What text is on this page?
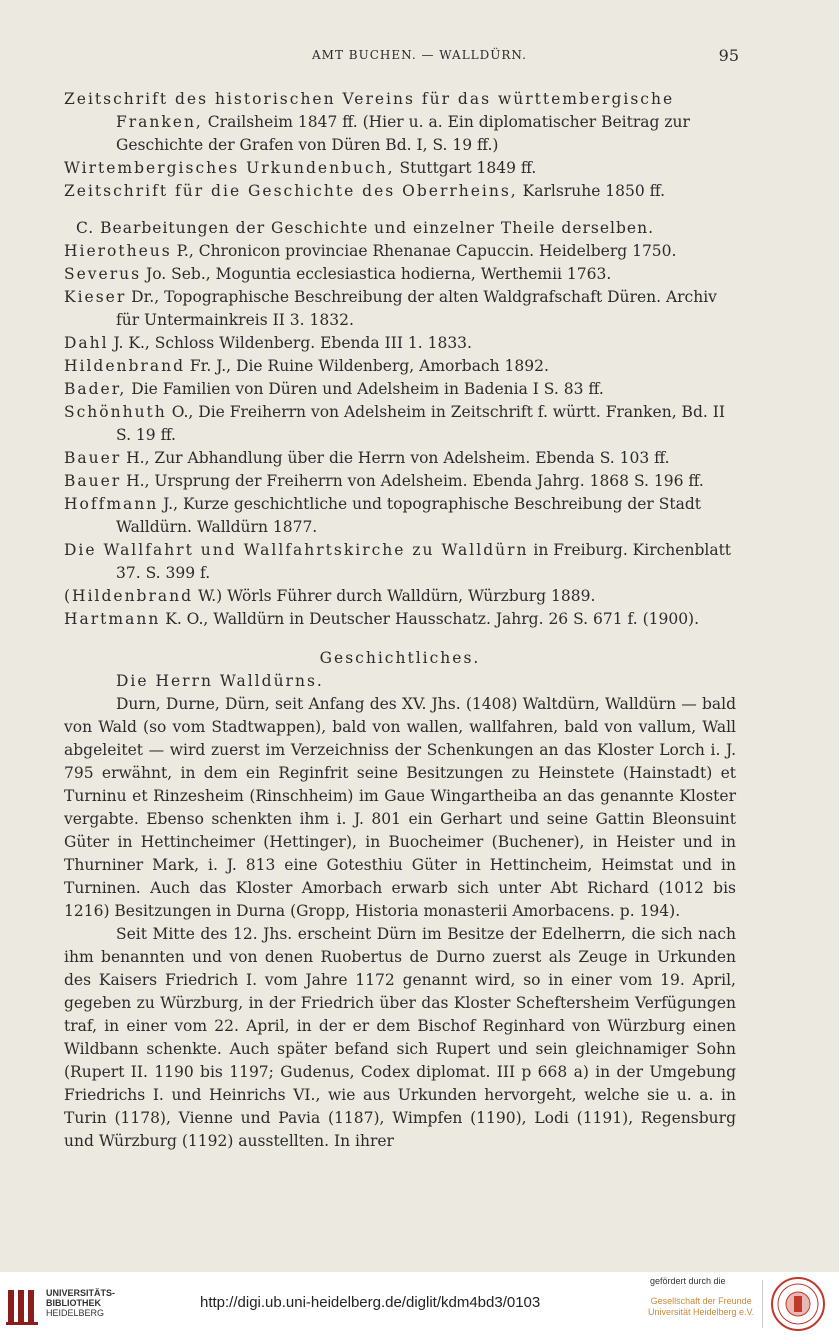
AMT BUCHEN. — WALLDÜRN.	95

Zeitschrift des historischen Vereins für das württembergische Franken, Crailsheim 1847 ff. (Hier u. a. Ein diplomatischer Beitrag zur Geschichte der Grafen von Düren Bd. I, S. 19 ff.)

Wirtembergisches Urkundenbuch, Stuttgart 1849 ff.

Zeitschrift für die Geschichte des Oberrheins, Karlsruhe 1850 ff.

C. Bearbeitungen der Geschichte und einzelner Theile derselben.

Hierotheus P., Chronicon provinciae Rhenanae Capuccin. Heidelberg 1750.

Severus Jo. Seb., Moguntia ecclesiastica hodierna, Werthemii 1763.

Kieser Dr., Topographische Beschreibung der alten Waldgrafschaft Düren. Archiv für Untermainkreis II 3. 1832.

Dahl J. K., Schloss Wildenberg. Ebenda III 1. 1833.

Hildenbrand Fr. J., Die Ruine Wildenberg, Amorbach 1892.

Bader, Die Familien von Düren und Adelsheim in Badenia I S. 83 ff.

Schönhuth O., Die Freiherrn von Adelsheim in Zeitschrift f. württ. Franken, Bd. II S. 19 ff.

Bauer H., Zur Abhandlung über die Herrn von Adelsheim. Ebenda S. 103 ff.

Bauer H., Ursprung der Freiherrn von Adelsheim. Ebenda Jahrg. 1868 S. 196 ff.

Hoffmann J., Kurze geschichtliche und topographische Beschreibung der Stadt Walldürn. Walldürn 1877.

Die Wallfahrt und Wallfahrtskirche zu Walldürn in Freiburg. Kirchenblatt 37. S. 399 f.

(Hildenbrand W.) Wörls Führer durch Walldürn, Würzburg 1889.

Hartmann K. O., Walldürn in Deutscher Hausschatz. Jahrg. 26 S. 671 f. (1900).

Geschichtliches.
Die Herrn Walldürns.

Durn, Durne, Dürn, seit Anfang des XV. Jhs. (1408) Waltdürn, Walldürn — bald von Wald (so vom Stadtwappen), bald von wallen, wallfahren, bald von vallum, Wall abgeleitet — wird zuerst im Verzeichniss der Schenkungen an das Kloster Lorch i. J. 795 erwähnt, in dem ein Reginfrit seine Besitzungen zu Heinstete (Hainstadt) et Turninu et Rinzesheim (Rinschheim) im Gaue Wingartheiba an das genannte Kloster vergabte. Ebenso schenkten ihm i. J. 801 ein Gerhart und seine Gattin Bleonsuint Güter in Hettincheimer (Hettinger), in Buocheimer (Buchener), in Heister und in Thurniner Mark, i. J. 813 eine Gotesthiu Güter in Hettincheim, Heimstat und in Turninen. Auch das Kloster Amorbach erwarb sich unter Abt Richard (1012 bis 1216) Besitzungen in Durna (Gropp, Historia monasterii Amorbacens. p. 194).

Seit Mitte des 12. Jhs. erscheint Dürn im Besitze der Edelherrn, die sich nach ihm benannten und von denen Ruobertus de Durno zuerst als Zeuge in Urkunden des Kaisers Friedrich I. vom Jahre 1172 genannt wird, so in einer vom 19. April, gegeben zu Würzburg, in der Friedrich über das Kloster Scheftersheim Verfügungen traf, in einer vom 22. April, in der er dem Bischof Reginhard von Würzburg einen Wildbann schenkte. Auch später befand sich Rupert und sein gleichnamiger Sohn (Rupert II. 1190 bis 1197; Gudenus, Codex diplomat. III p 668 a) in der Umgebung Friedrichs I. und Heinrichs VI., wie aus Urkunden hervorgeht, welche sie u. a. in Turin (1178), Vienne und Pavia (1187), Wimpfen (1190), Lodi (1191), Regensburg und Würzburg (1192) ausstellten. In ihrer

UNIVERSITÄTS-
BIBLIOTHEK
HEIDELBERG
http://digi.ub.uni-heidelberg.de/diglit/kdm4bd3/0103
gefördert durch die
Gesellschaft der Freunde
Universität Heidelberg e.V.
